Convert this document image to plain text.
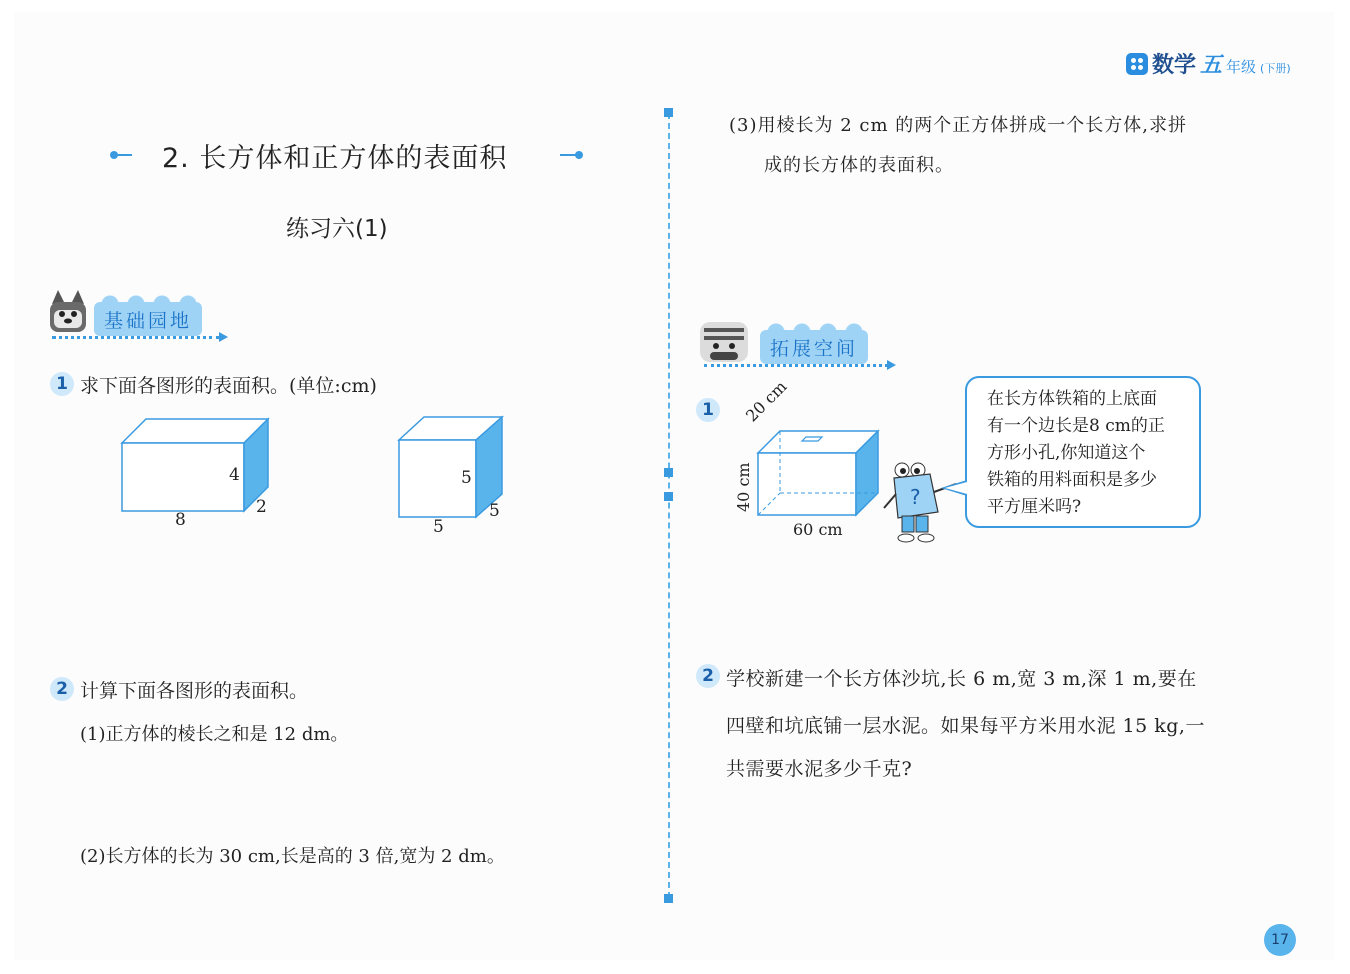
数学 五 年级 (下册)
2. 长方体和正方体的表面积
练习六(1)
基础园地
1 求下面各图形的表面积。(单位:cm)
4
2
8
5
5
5
2 计算下面各图形的表面积。
(1)正方体的棱长之和是 12 dm。
(2)长方体的长为 30 cm,长是高的 3 倍,宽为 2 dm。
(3)用棱长为 2 cm 的两个正方体拼成一个长方体,求拼
成的长方体的表面积。
拓展空间
1	20 cm
40 cm
60 cm
?
在长方体铁箱的上底面
有一个边长是8 cm的正
方形小孔,你知道这个
铁箱的用料面积是多少
平方厘米吗?
2 学校新建一个长方体沙坑,长 6 m,宽 3 m,深 1 m,要在
四壁和坑底铺一层水泥。如果每平方米用水泥 15 kg,一
共需要水泥多少千克?
17
